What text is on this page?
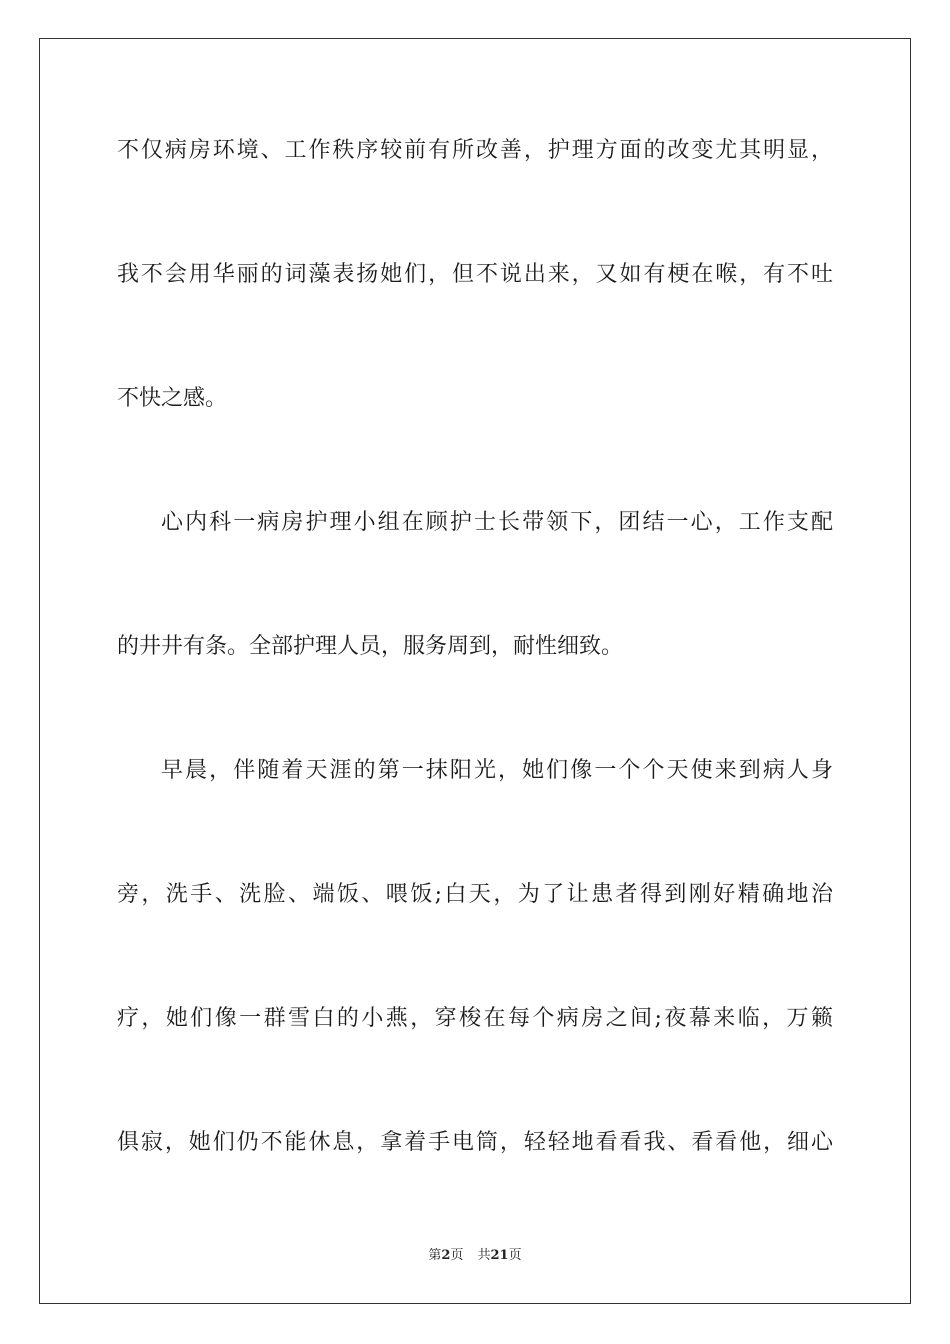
不仅病房环境、工作秩序较前有所改善，护理方面的改变尤其明显，
我不会用华丽的词藻表扬她们，但不说出来，又如有梗在喉，有不吐
不快之感。
心内科一病房护理小组在顾护士长带领下，团结一心，工作支配
的井井有条。全部护理人员，服务周到，耐性细致。
早晨，伴随着天涯的第一抹阳光，她们像一个个天使来到病人身
旁，洗手、洗脸、端饭、喂饭;白天，为了让患者得到刚好精确地治
疗，她们像一群雪白的小燕，穿梭在每个病房之间;夜幕来临，万籁
俱寂，她们仍不能休息，拿着手电筒，轻轻地看看我、看看他，细心
第2页 共21页
